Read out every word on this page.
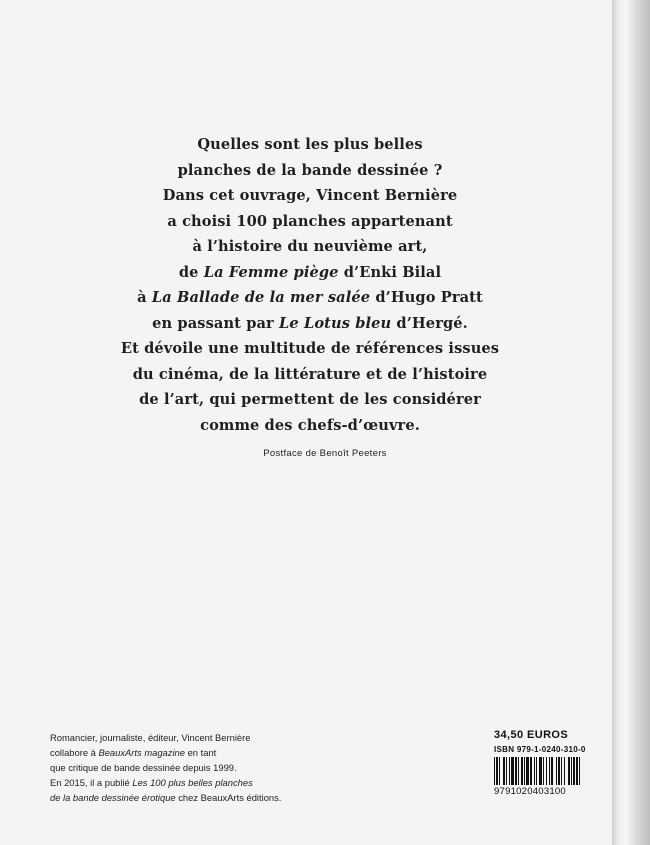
Quelles sont les plus belles
planches de la bande dessinée ?
Dans cet ouvrage, Vincent Bernière
a choisi 100 planches appartenant
à l’histoire du neuvième art,
de La Femme piège d’Enki Bilal
à La Ballade de la mer salée d’Hugo Pratt
en passant par Le Lotus bleu d’Hergé.
Et dévoile une multitude de références issues
du cinéma, de la littérature et de l’histoire
de l’art, qui permettent de les considérer
comme des chefs-d’œuvre.
Postface de Benoît Peeters
Romancier, journaliste, éditeur, Vincent Bernière
collabore à BeauxArts magazine en tant
que critique de bande dessinée depuis 1999.
En 2015, il a publié Les 100 plus belles planches
de la bande dessinée érotique chez BeauxArts éditions.
34,50 EUROS
ISBN 979-1-0240-310-0
9791020403100
